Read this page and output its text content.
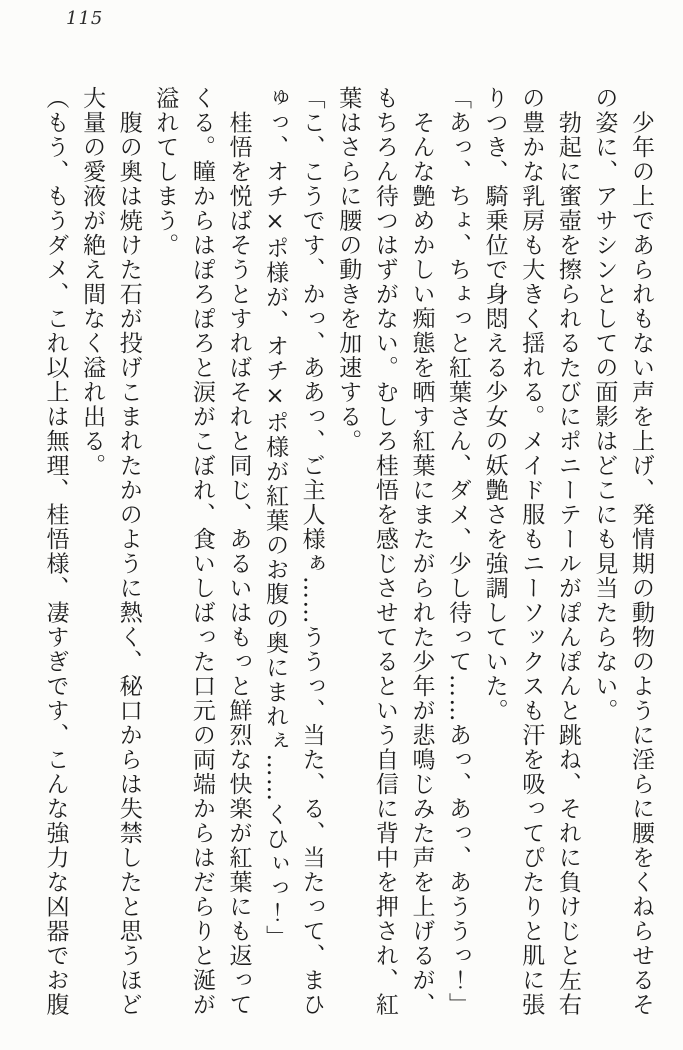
115

　少年の上であられもない声を上げ、発情期の動物のように淫らに腰をくねらせるその姿に、アサシンとしての面影はどこにも見当たらない。

　勃起に蜜壺を擦られるたびにポニーテールがぽんぽんと跳ね、それに負けじと左右の豊かな乳房も大きく揺れる。メイド服もニーソックスも汗を吸ってぴたりと肌に張りつき、騎乗位で身悶える少女の妖艶さを強調していた。

「あっ、ちょ、ちょっと紅葉さん、ダメ、少し待って……あっ、あっ、あううっ！」

　そんな艶めかしい痴態を晒す紅葉にまたがられた少年が悲鳴じみた声を上げるが、もちろん待つはずがない。むしろ桂悟を感じさせてるという自信に背中を押され、紅葉はさらに腰の動きを加速する。

「こ、こうです、かっ、ああっ、ご主人様ぁ……ううっ、当た、る、当たって、まひゅっ、オチ×ポ様が、オチ×ポ様が紅葉のお腹の奥にまれぇ……くひぃっ！」

　桂悟を悦ばそうとすればそれと同じ、あるいはもっと鮮烈な快楽が紅葉にも返ってくる。瞳からはぽろぽろと涙がこぼれ、食いしばった口元の両端からはだらりと涎が溢れてしまう。

　腹の奥は焼けた石が投げこまれたかのように熱く、秘口からは失禁したと思うほど大量の愛液が絶え間なく溢れ出る。

（もう、もうダメ、これ以上は無理、桂悟様、凄すぎです、こんな強力な凶器でお腹
